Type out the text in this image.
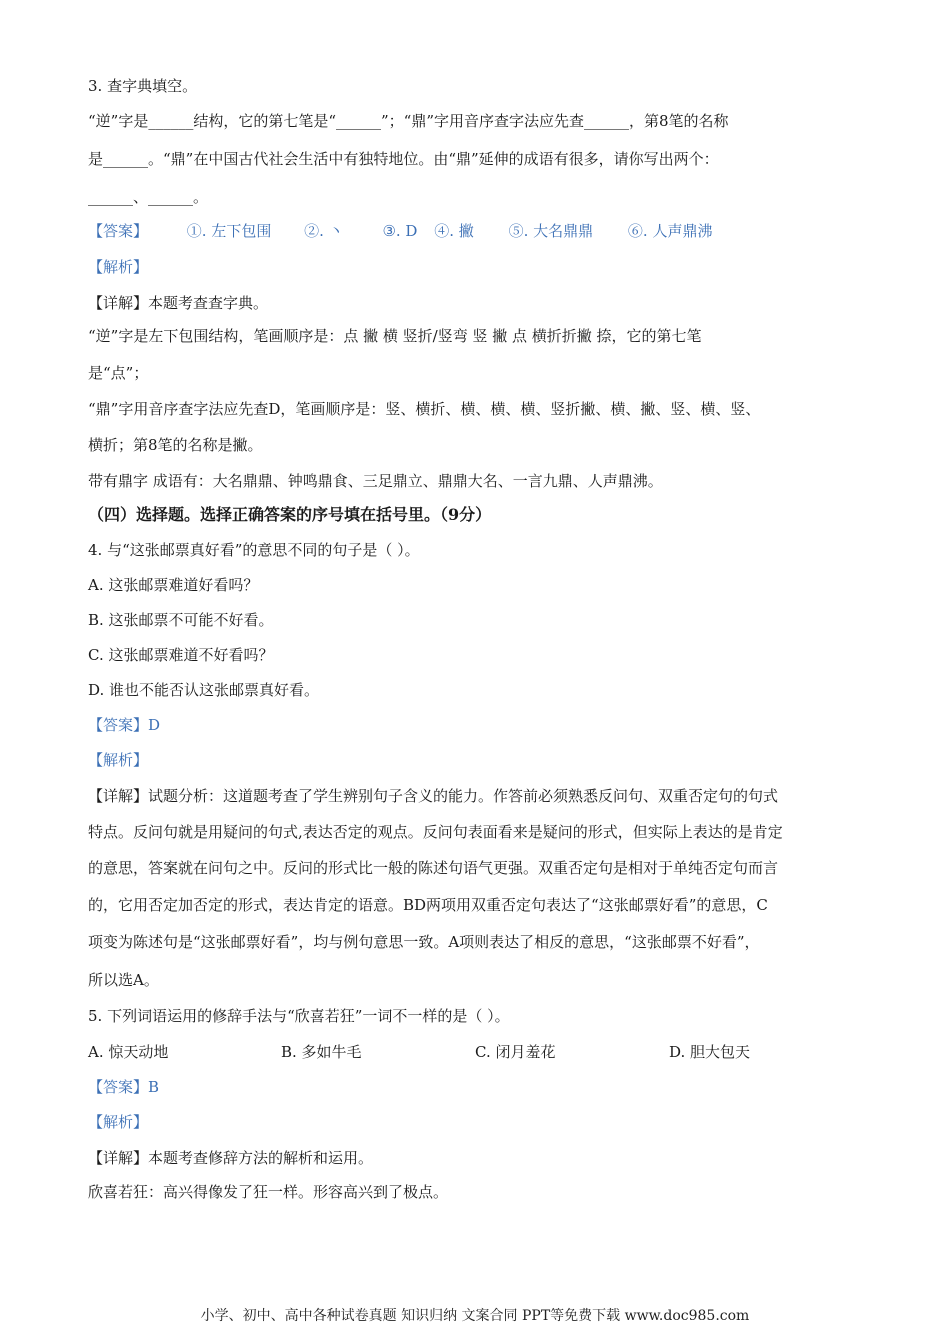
3. 查字典填空。
“逆”字是______结构，它的第七笔是“______”；“鼎”字用音序查字法应先查______，第8笔的名称
是______。“鼎”在中国古代社会生活中有独特地位。由“鼎”延伸的成语有很多，请你写出两个：
______、______。
【答案】	①. 左下包围 ②. 丶	③. D ④. 撇 ⑤. 大名鼎鼎 ⑥. 人声鼎沸
【解析】
【详解】本题考查查字典。
“逆”字是左下包围结构，笔画顺序是：点 撇 横 竖折/竖弯 竖 撇 点 横折折撇 捺，它的第七笔
是“点”；
“鼎”字用音序查字法应先查D，笔画顺序是：竖、横折、横、横、横、竖折撇、横、撇、竖、横、竖、
横折；第8笔的名称是撇。
带有鼎字 成语有：大名鼎鼎、钟鸣鼎食、三足鼎立、鼎鼎大名、一言九鼎、人声鼎沸。
（四）选择题。选择正确答案的序号填在括号里。（9分）
4. 与“这张邮票真好看”的意思不同的句子是（ ）。
A. 这张邮票难道好看吗？
B. 这张邮票不可能不好看。
C. 这张邮票难道不好看吗？
D. 谁也不能否认这张邮票真好看。
【答案】D
【解析】
【详解】试题分析：这道题考查了学生辨别句子含义的能力。作答前必须熟悉反问句、双重否定句的句式
特点。反问句就是用疑问的句式,表达否定的观点。反问句表面看来是疑问的形式，但实际上表达的是肯定
的意思，答案就在问句之中。反问的形式比一般的陈述句语气更强。双重否定句是相对于单纯否定句而言
的，它用否定加否定的形式，表达肯定的语意。BD两项用双重否定句表达了“这张邮票好看”的意思，C
项变为陈述句是“这张邮票好看”，均与例句意思一致。A项则表达了相反的意思，“这张邮票不好看”，
所以选A。
5. 下列词语运用的修辞手法与“欣喜若狂”一词不一样的是（ ）。
A. 惊天动地	B. 多如牛毛	C. 闭月羞花	D. 胆大包天
【答案】B
【解析】
【详解】本题考查修辞方法的解析和运用。
欣喜若狂：高兴得像发了狂一样。形容高兴到了极点。
小学、初中、高中各种试卷真题 知识归纳 文案合同 PPT等免费下载 www.doc985.com
